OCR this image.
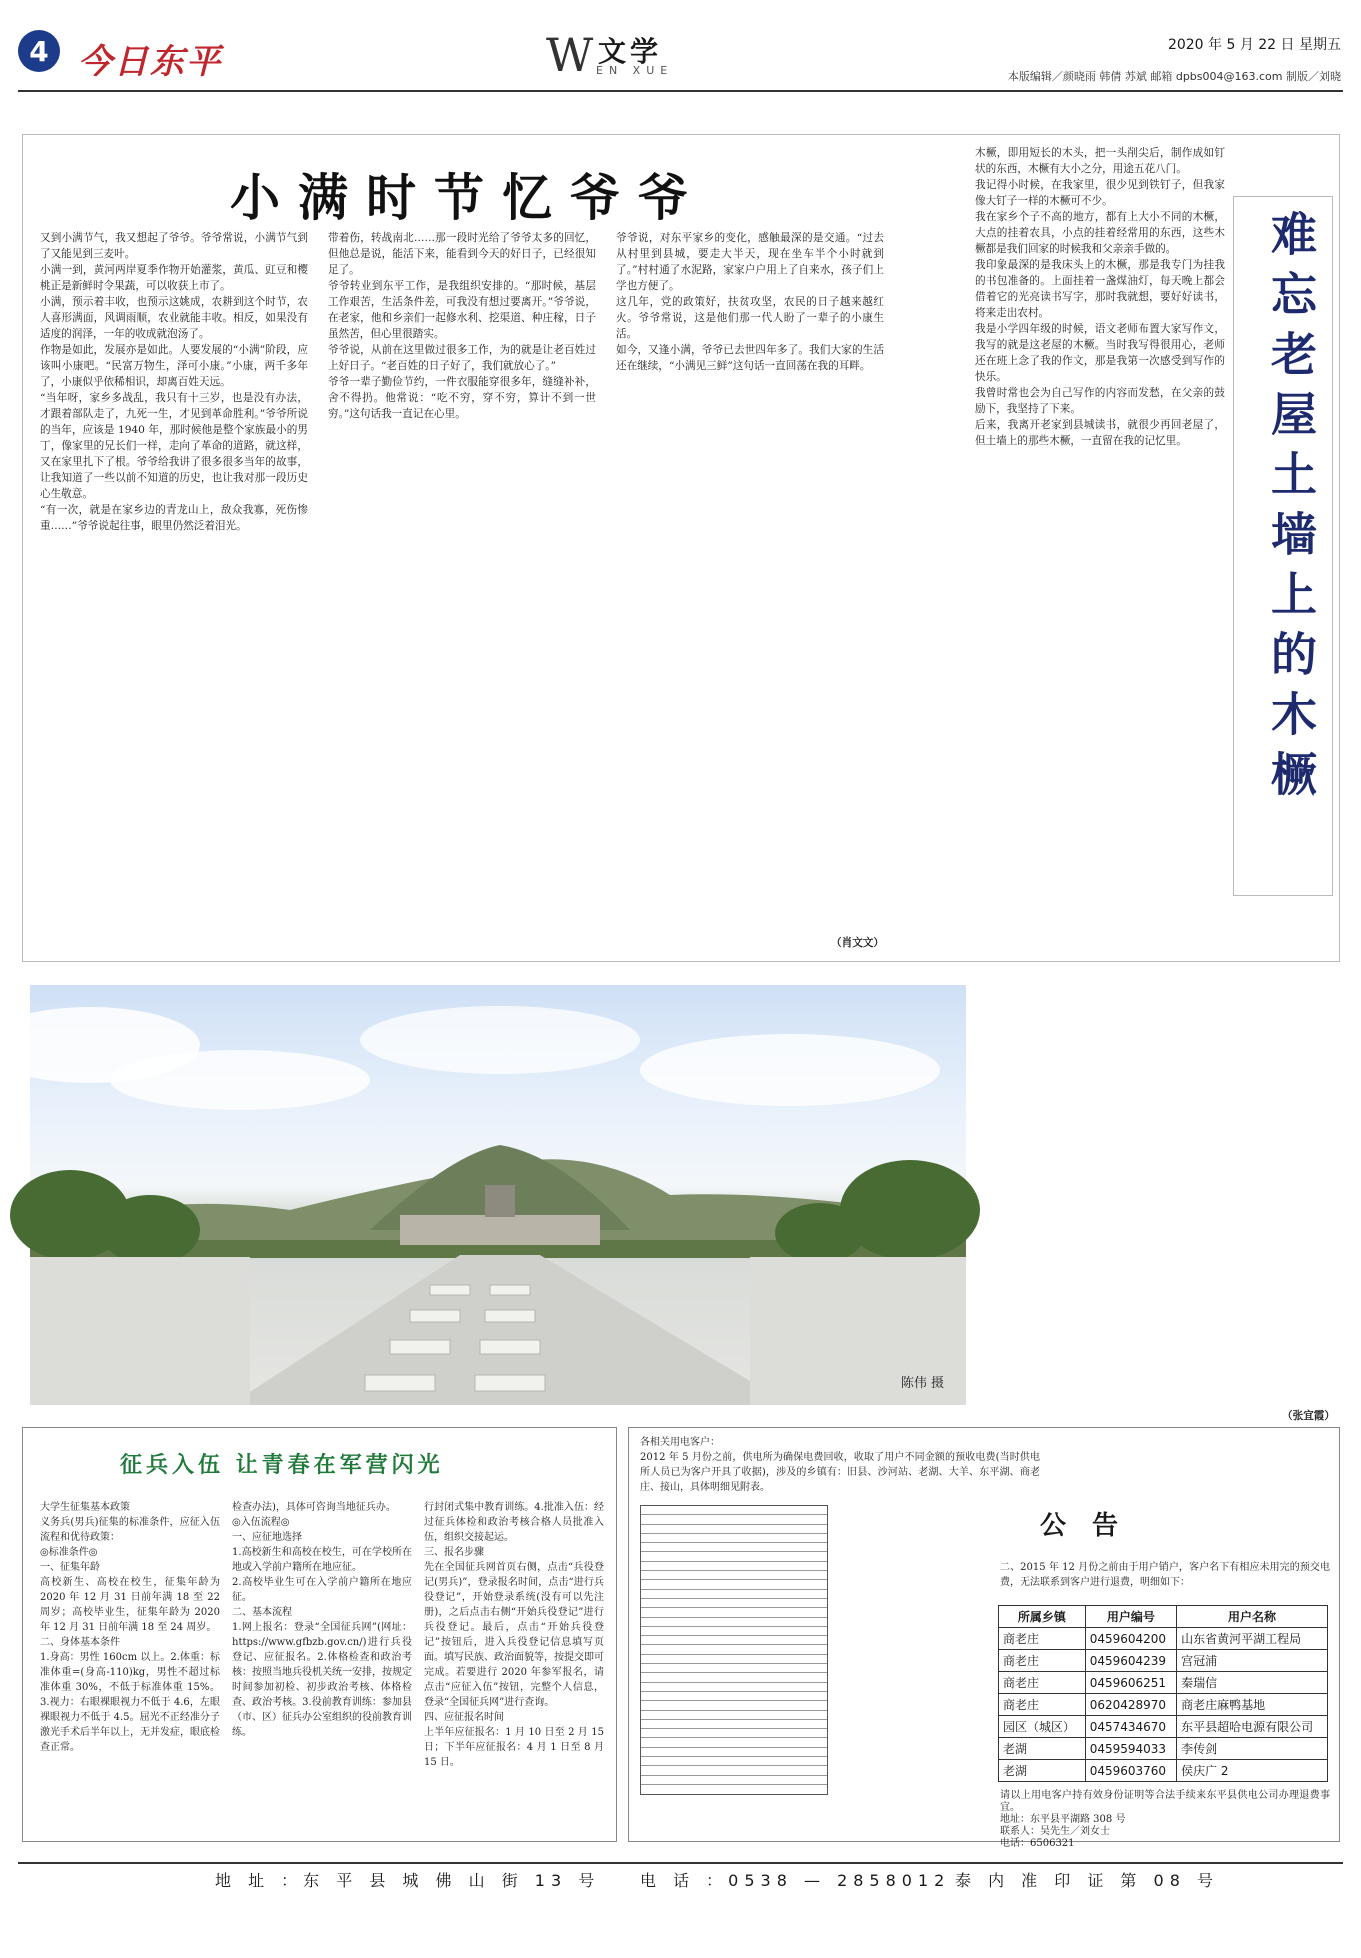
4 今日东平	W 文学
EN XUE
2020 年 5 月 22 日 星期五
本版编辑／颜晓雨 韩倩 苏斌 邮箱 dpbs004@163.com 制版／刘晓
小满时节忆爷爷
又到小满节气，我又想起了爷爷。爷爷常说，小满节气到了又能见到三麦叶。
小满一到，黄河两岸夏季作物开始灌浆，黄瓜、豇豆和樱桃正是新鲜时令果蔬，可以收获上市了。
小满，预示着丰收，也预示这姚成，农耕到这个时节，农人喜形满面，风调雨顺，农业就能丰收。相反，如果没有适度的润泽，一年的收成就泡汤了。
作物是如此，发展亦是如此。人要发展的“小满”阶段，应该叫小康吧。“民富万物生，泽可小康。”小康，两千多年了，小康似乎依稀相识，却离百姓天远。
“当年呀，家乡多战乱，我只有十三岁，也是没有办法，才跟着部队走了，九死一生，才见到革命胜利。”爷爷所说的当年，应该是 1940 年，那时候他是整个家族最小的男丁，像家里的兄长们一样，走向了革命的道路，就这样，又在家里扎下了根。爷爷给我讲了很多很多当年的故事，让我知道了一些以前不知道的历史，也让我对那一段历史心生敬意。
“有一次，就是在家乡边的青龙山上，敌众我寡，死伤惨重……”爷爷说起往事，眼里仍然泛着泪光。
带着伤，转战南北……那一段时光给了爷爷太多的回忆，但他总是说，能活下来，能看到今天的好日子，已经很知足了。
爷爷转业到东平工作，是我组织安排的。“那时候，基层工作艰苦，生活条件差，可我没有想过要离开。”爷爷说，在老家，他和乡亲们一起修水利、挖渠道、种庄稼，日子虽然苦，但心里很踏实。
爷爷说，从前在这里做过很多工作，为的就是让老百姓过上好日子。“老百姓的日子好了，我们就放心了。”
爷爷一辈子勤俭节约，一件衣服能穿很多年，缝缝补补，舍不得扔。他常说：“吃不穷，穿不穷，算计不到一世穷。”这句话我一直记在心里。
爷爷说，对东平家乡的变化，感触最深的是交通。“过去从村里到县城，要走大半天，现在坐车半个小时就到了。”村村通了水泥路，家家户户用上了自来水，孩子们上学也方便了。
这几年，党的政策好，扶贫攻坚，农民的日子越来越红火。爷爷常说，这是他们那一代人盼了一辈子的小康生活。
如今，又逢小满，爷爷已去世四年多了。我们大家的生活还在继续，“小满见三鲜”这句话一直回荡在我的耳畔。
（肖文文）
木橛，即用短长的木头，把一头削尖后，制作成如钉状的东西，木橛有大小之分，用途五花八门。
我记得小时候，在我家里，很少见到铁钉子，但我家像大钉子一样的木橛可不少。
我在家乡个子不高的地方，都有上大小不同的木橛，大点的挂着农具，小点的挂着经常用的东西，这些木橛都是我们回家的时候我和父亲亲手做的。
我印象最深的是我床头上的木橛，那是我专门为挂我的书包准备的。上面挂着一盏煤油灯，每天晚上都会借着它的光亮读书写字，那时我就想，要好好读书，将来走出农村。
我是小学四年级的时候，语文老师布置大家写作文，我写的就是这老屋的木橛。当时我写得很用心，老师还在班上念了我的作文，那是我第一次感受到写作的快乐。
我曾时常也会为自己写作的内容而发愁，在父亲的鼓励下，我坚持了下来。
后来，我离开老家到县城读书，就很少再回老屋了，但土墙上的那些木橛，一直留在我的记忆里。
（张宜霞）
难忘老屋土墙上的木橛
陈伟 摄
征兵入伍 让青春在军营闪光
大学生征集基本政策
义务兵(男兵)征集的标准条件，应征入伍流程和优待政策：
◎标准条件◎
一、征集年龄
高校新生、高校在校生，征集年龄为 2020 年 12 月 31 日前年满 18 至 22 周岁；高校毕业生，征集年龄为 2020 年 12 月 31 日前年满 18 至 24 周岁。
二、身体基本条件
1.身高：男性 160cm 以上。2.体重：标准体重=(身高-110)kg，男性不超过标准体重 30%，不低于标准体重 15%。3.视力：右眼裸眼视力不低于 4.6，左眼裸眼视力不低于 4.5。屈光不正经准分子激光手术后半年以上，无并发症，眼底检查正常。
检查办法)，具体可咨询当地征兵办。
◎入伍流程◎
一、应征地选择
1.高校新生和高校在校生，可在学校所在地或入学前户籍所在地应征。
2.高校毕业生可在入学前户籍所在地应征。
二、基本流程
1.网上报名：登录“全国征兵网”(网址：https://www.gfbzb.gov.cn/)进行兵役登记、应征报名。2.体格检查和政治考核：按照当地兵役机关统一安排，按规定时间参加初检、初步政治考核、体格检查、政治考核。3.役前教育训练：参加县（市、区）征兵办公室组织的役前教育训练。
行封闭式集中教育训练。4.批准入伍：经过征兵体检和政治考核合格人员批准入伍，组织交接起运。
三、报名步骤
先在全国征兵网首页右侧，点击“兵役登记(男兵)”，登录报名时间，点击“进行兵役登记”，开始登录系统(没有可以先注册)，之后点击右侧“开始兵役登记”进行兵役登记。最后，点击“开始兵役登记”按钮后，进入兵役登记信息填写页面。填写民族、政治面貌等，按提交即可完成。若要进行 2020 年参军报名，请点击“应征入伍”按钮，完整个人信息，登录“全国征兵网”进行查询。
四、应征报名时间
上半年应征报名：1 月 10 日至 2 月 15 日；下半年应征报名：4 月 1 日至 8 月 15 日。
各相关用电客户：
2012 年 5 月份之前，供电所为确保电费回收，收取了用户不同金额的预收电费(当时供电所人员已为客户开具了收据)，涉及的乡镇有：旧县、沙河站、老湖、大羊、东平湖、商老庄、接山，具体明细见附表。
公告
二、2015 年 12 月份之前由于用户销户，客户名下有相应未用完的预交电费，无法联系到客户进行退费，明细如下：
所属乡镇	用户编号	用户名称
商老庄	0459604200	山东省黄河平湖工程局
商老庄	0459604239	宫冠浦
商老庄	0459606251	秦瑞信
商老庄	0620428970	商老庄麻鸭基地
园区（城区）	0457434670	东平县超哈电源有限公司
老湖	0459594033	李传剑
老湖	0459603760	侯庆广 2
请以上用电客户持有效身份证明等合法手续来东平县供电公司办理退费事宜。
地址：东平县平湖路 308 号
联系人：吴先生／刘女士
电话：6506321
地 址 ：东 平 县 城 佛 山 街 13 号 电 话 ：0538 — 2858012 泰 内 准 印 证 第 08 号
